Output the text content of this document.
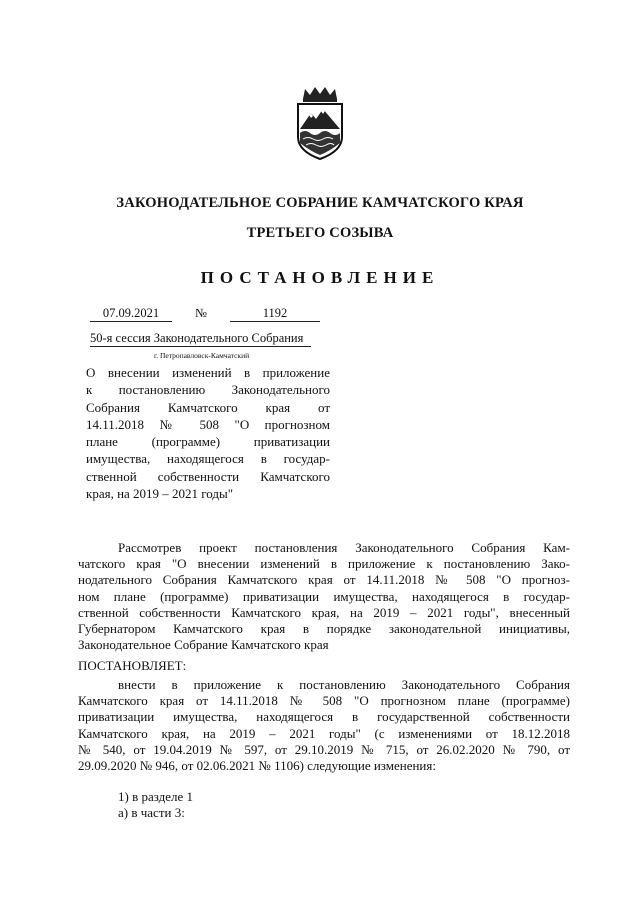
ЗАКОНОДАТЕЛЬНОЕ СОБРАНИЕ КАМЧАТСКОГО КРАЯ
ТРЕТЬЕГО СОЗЫВА
ПОСТАНОВЛЕНИЕ
07.09.2021	№	1192
50-я сессия Законодательного Собрания
г. Петропавловск-Камчатский
О внесении изменений в приложение
к постановлению Законодательного
Собрания Камчатского края от
14.11.2018 № 508 "О прогнозном
плане (программе) приватизации
имущества, находящегося в государ-
ственной собственности Камчатского
края, на 2019 – 2021 годы"
Рассмотрев проект постановления Законодательного Собрания Кам-
чатского края "О внесении изменений в приложение к постановлению Зако-
нодательного Собрания Камчатского края от 14.11.2018 № 508 "О прогноз-
ном плане (программе) приватизации имущества, находящегося в государ-
ственной собственности Камчатского края, на 2019 – 2021 годы", внесенный
Губернатором Камчатского края в порядке законодательной инициативы,
Законодательное Собрание Камчатского края
ПОСТАНОВЛЯЕТ:
внести в приложение к постановлению Законодательного Собрания
Камчатского края от 14.11.2018 № 508 "О прогнозном плане (программе)
приватизации имущества, находящегося в государственной собственности
Камчатского края, на 2019 – 2021 годы" (с изменениями от 18.12.2018
№ 540, от 19.04.2019 № 597, от 29.10.2019 № 715, от 26.02.2020 № 790, от
29.09.2020 № 946, от 02.06.2021 № 1106) следующие изменения:
1) в разделе 1
а) в части 3:
